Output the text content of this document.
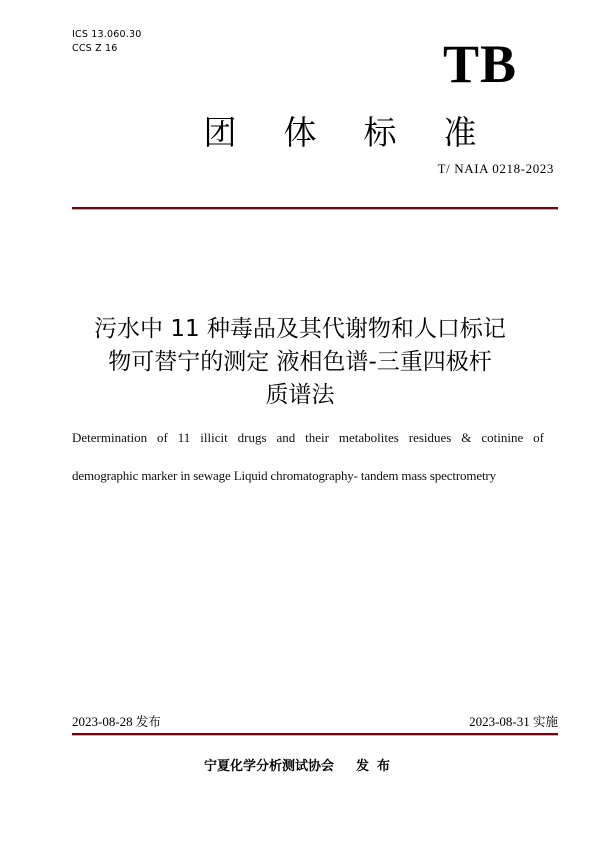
ICS 13.060.30
CCS Z 16	TB
团 体 标 准
T/ NAIA 0218-2023
污水中 11 种毒品及其代谢物和人口标记
物可替宁的测定 液相色谱-三重四极杆
质谱法
Determination of 11 illicit drugs and their metabolites residues & cotinine of
demographic marker in sewage Liquid chromatography- tandem mass spectrometry
2023-08-28 发布	2023-08-31 实施
宁夏化学分析测试协会 发布
